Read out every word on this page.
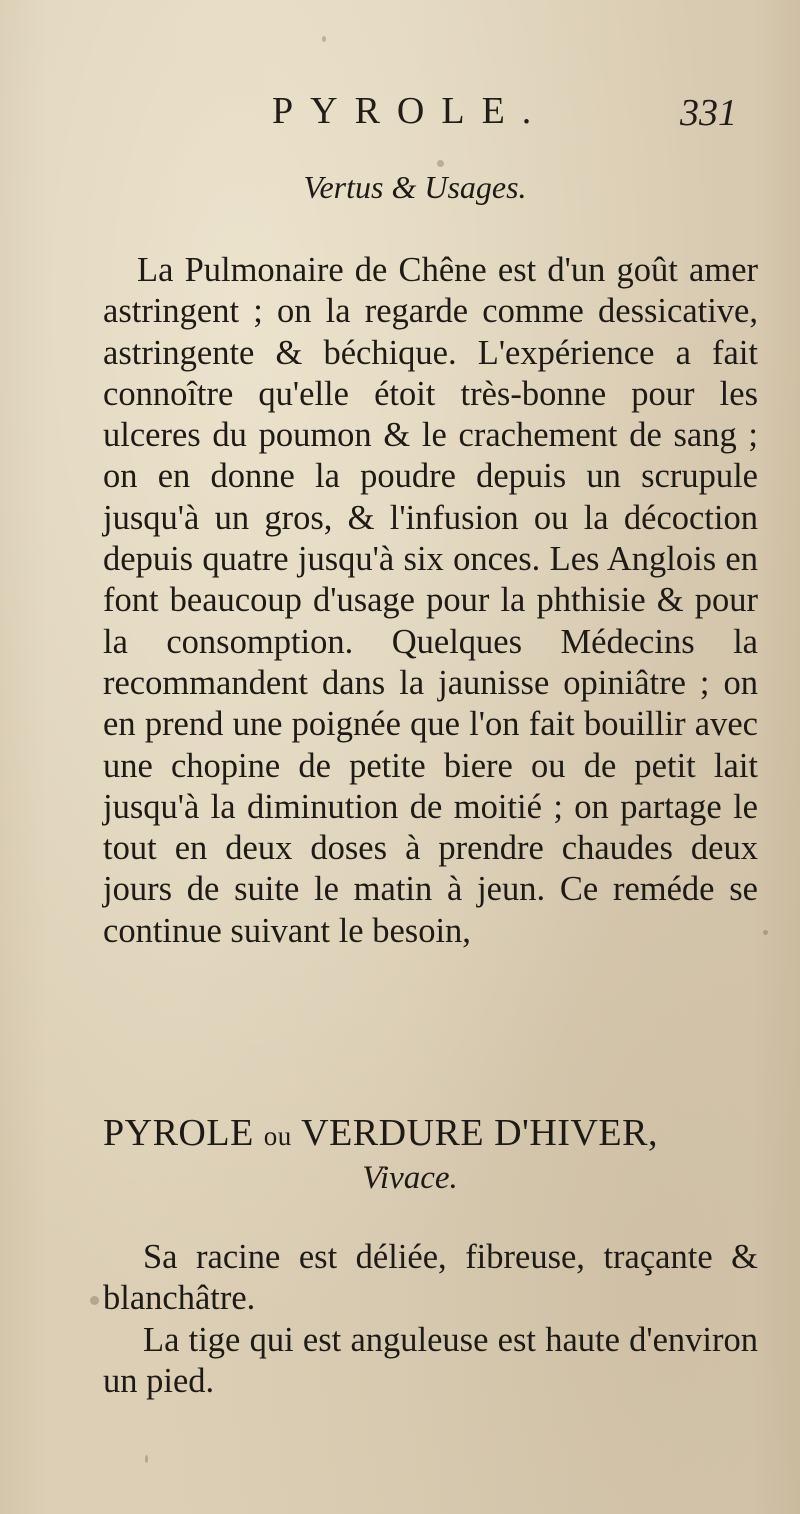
PYROLE.	331
Vertus & Usages.

La Pulmonaire de Chêne est d'un goût amer astringent ; on la regarde comme dessicative, astringente & béchique. L'expérience a fait connoître qu'elle étoit très-bonne pour les ulceres du poumon & le crachement de sang ; on en donne la poudre depuis un scrupule jusqu'à un gros, & l'infusion ou la décoction depuis quatre jusqu'à six onces. Les Anglois en font beaucoup d'usage pour la phthisie & pour la consomption. Quelques Médecins la recommandent dans la jaunisse opiniâtre ; on en prend une poignée que l'on fait bouillir avec une chopine de petite biere ou de petit lait jusqu'à la diminution de moitié ; on partage le tout en deux doses à prendre chaudes deux jours de suite le matin à jeun. Ce reméde se continue suivant le besoin,

PYROLE ou VERDURE D'HIVER,
Vivace.

Sa racine est déliée, fibreuse, traçante & blanchâtre.

La tige qui est anguleuse est haute d'environ un pied.
